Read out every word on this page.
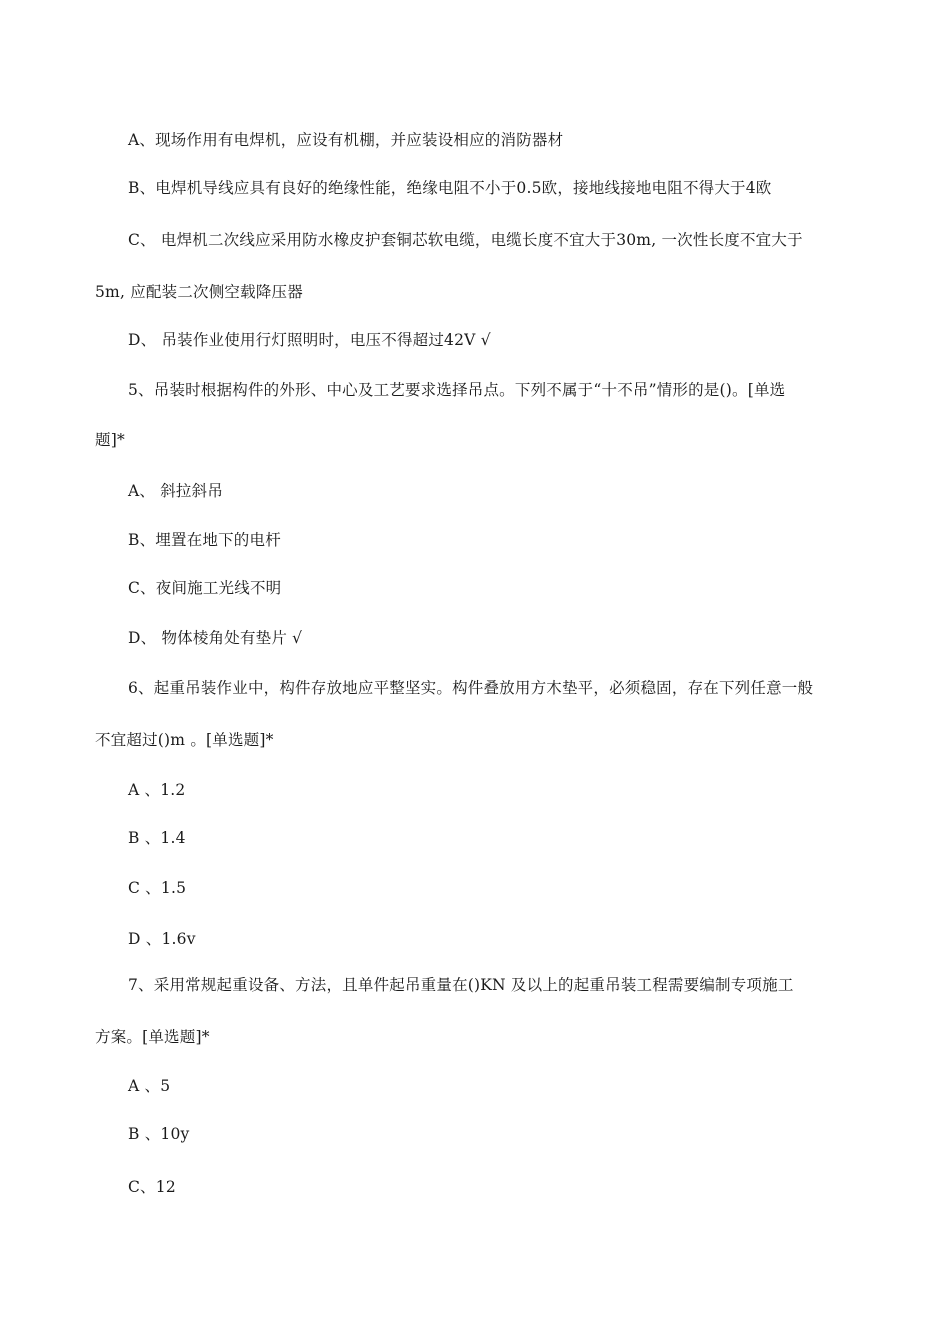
A、现场作用有电焊机，应设有机棚，并应装设相应的消防器材
B、电焊机导线应具有良好的绝缘性能，绝缘电阻不小于0.5欧，接地线接地电阻不得大于4欧
C、 电焊机二次线应采用防水橡皮护套铜芯软电缆，电缆长度不宜大于30m, 一次性长度不宜大于
5m, 应配装二次侧空载降压器
D、 吊装作业使用行灯照明时，电压不得超过42V √
5、吊装时根据构件的外形、中心及工艺要求选择吊点。下列不属于“十不吊”情形的是()。[单选
题]*
A、 斜拉斜吊
B、埋置在地下的电杆
C、夜间施工光线不明
D、 物体棱角处有垫片 √
6、起重吊装作业中，构件存放地应平整坚实。构件叠放用方木垫平，必须稳固，存在下列任意一般
不宜超过()m 。[单选题]*
A 、1.2
B 、1.4
C 、1.5
D 、1.6v
7、采用常规起重设备、方法，且单件起吊重量在()KN 及以上的起重吊装工程需要编制专项施工
方案。[单选题]*
A 、5
B 、10y
C、12
